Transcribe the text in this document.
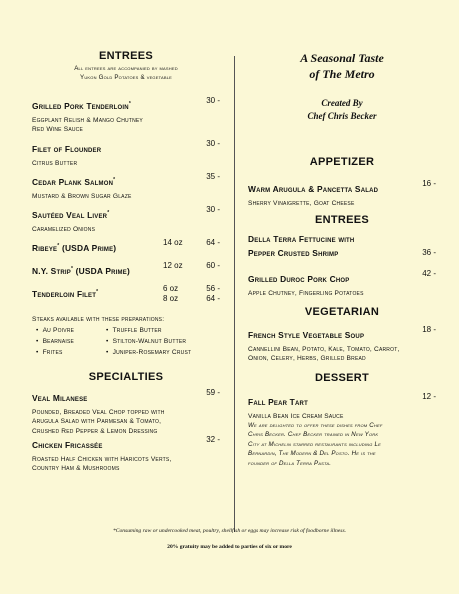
ENTREES
All entrees are accompanied by mashed
Yukon Gold Potatoes & vegetable
Grilled Pork Tenderloin*	30 -
Eggplant Relish & Mango Chutney
Red Wine Sauce
Filet of Flounder
30 -
Citrus Butter
Cedar Plank Salmon*	35 -
Mustard & Brown Sugar Glaze
Sautéed Veal Liver*	30 -
Caramelized Onions
Ribeye* (USDA Prime)
14 oz	64 -
N.Y. Strip* (USDA Prime)
12 oz	60 -
Tenderloin Filet*	6 oz	56 -
8 oz	64 -
Steaks available with these preparations:
•  Au Poivre	•  Truffle Butter
•  Bearnaise	•  Stilton-Walnut Butter
•  Frites	•  Juniper-Rosemary Crust
SPECIALTIES
Veal Milanese
59 -
Pounded, Breaded Veal Chop topped with
Arugula Salad with Parmesan & Tomato,
Crushed Red Pepper & Lemon Dressing
Chicken Fricassée
32 -
Roasted Half Chicken with Haricots Verts,
Country Ham & Mushrooms
A Seasonal Taste
of The Metro
Created By
Chef Chris Becker
APPETIZER
Warm Arugula & Pancetta Salad
16 -
Sherry Vinaigrette, Goat Cheese
ENTREES
Della Terra Fettucine with
Pepper Crusted Shrimp	36 -
Grilled Duroc Pork Chop
42 -
Apple Chutney, Fingerling Potatoes
VEGETARIAN
French Style Vegetable Soup
18 -
Cannellini Bean, Potato, Kale, Tomato, Carrot,
Onion, Celery, Herbs, Grilled Bread
DESSERT
Fall Pear Tart
12 -
Vanilla Bean Ice Cream Sauce
We are delighted to offer these dishes from Chef
Chris Becker. Chef Becker trained in New York
City at Michelin starred restaurants including Le
Bernardin, The Modern & Del Posto. He is the
founder of Della Terra Pasta.
*Consuming raw or undercooked meat, poultry, shellfish or eggs may increase risk of foodborne illness.
20% gratuity may be added to parties of six or more
